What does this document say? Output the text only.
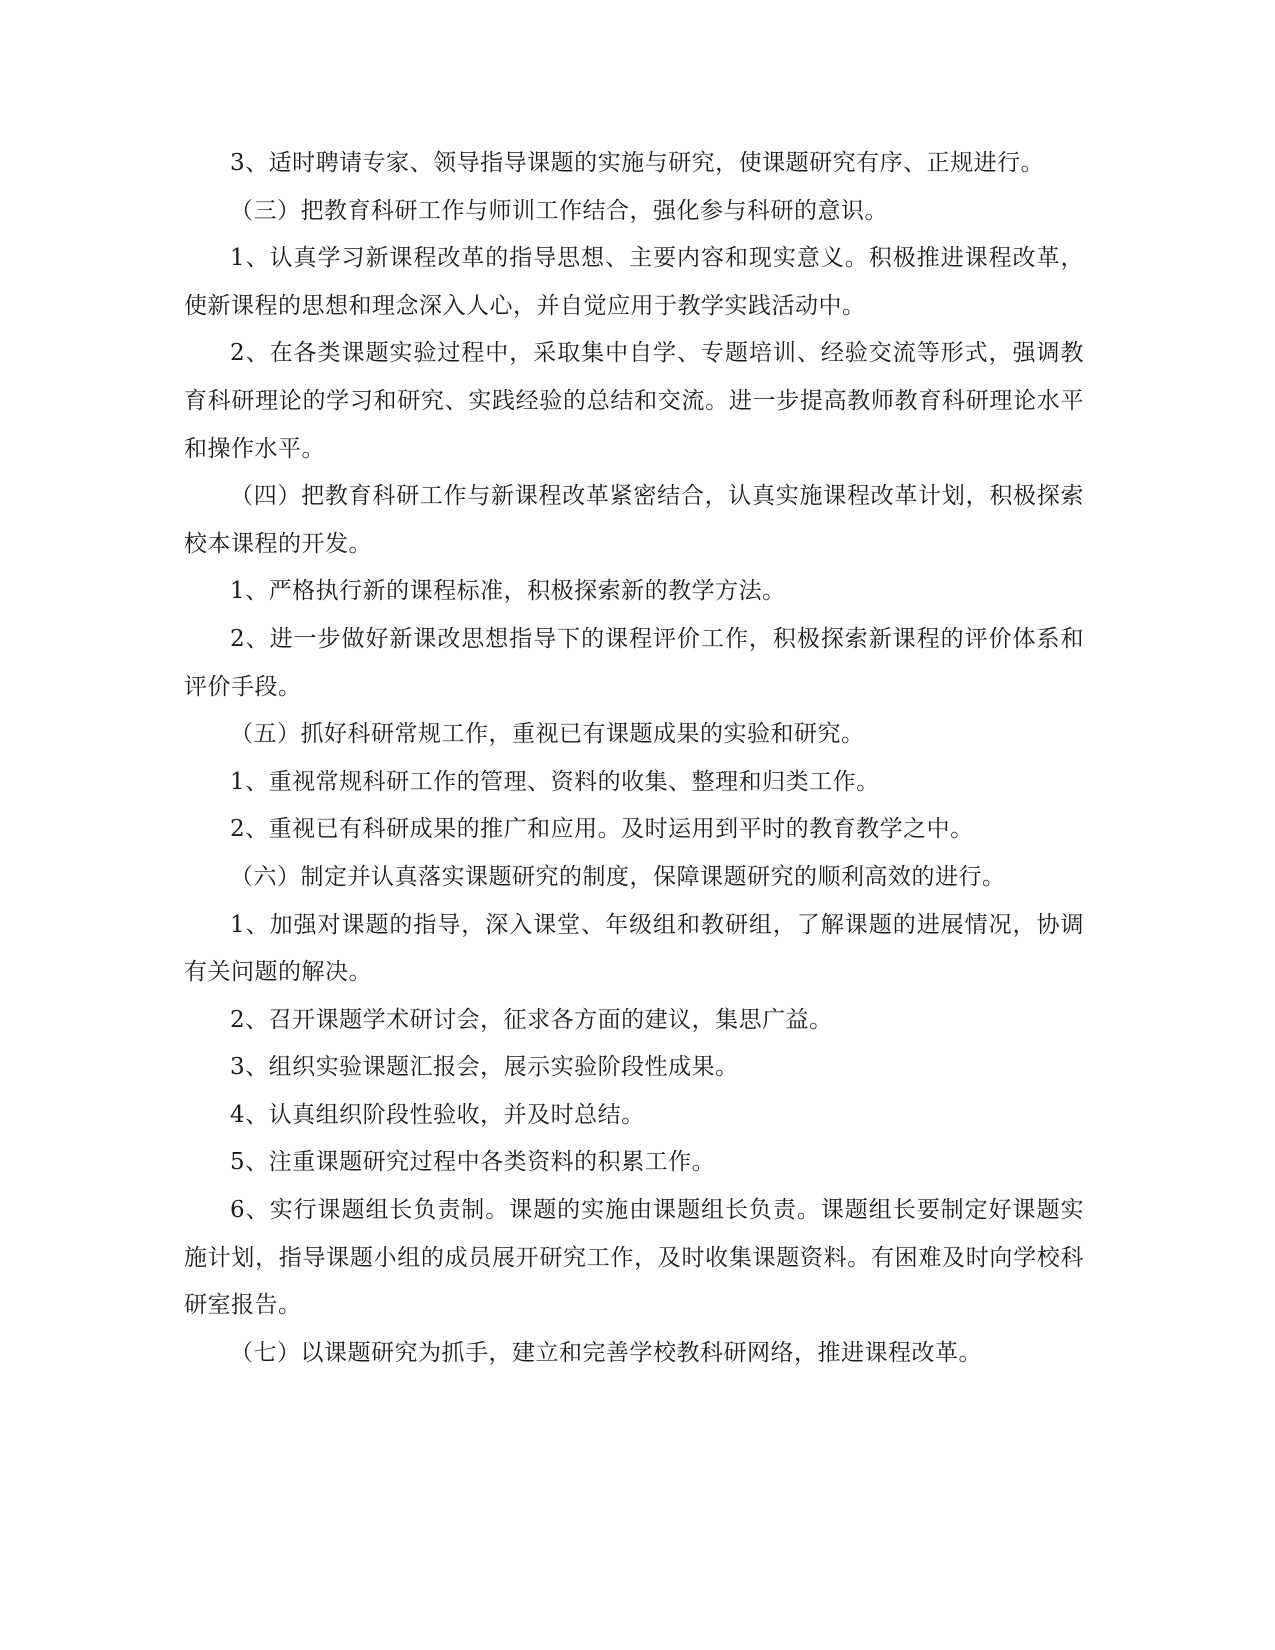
3、适时聘请专家、领导指导课题的实施与研究，使课题研究有序、正规进行。

（三）把教育科研工作与师训工作结合，强化参与科研的意识。

1、认真学习新课程改革的指导思想、主要内容和现实意义。积极推进课程改革，使新课程的思想和理念深入人心，并自觉应用于教学实践活动中。

2、在各类课题实验过程中，采取集中自学、专题培训、经验交流等形式，强调教育科研理论的学习和研究、实践经验的总结和交流。进一步提高教师教育科研理论水平和操作水平。

（四）把教育科研工作与新课程改革紧密结合，认真实施课程改革计划，积极探索校本课程的开发。

1、严格执行新的课程标准，积极探索新的教学方法。

2、进一步做好新课改思想指导下的课程评价工作，积极探索新课程的评价体系和评价手段。

（五）抓好科研常规工作，重视已有课题成果的实验和研究。

1、重视常规科研工作的管理、资料的收集、整理和归类工作。

2、重视已有科研成果的推广和应用。及时运用到平时的教育教学之中。

（六）制定并认真落实课题研究的制度，保障课题研究的顺利高效的进行。

1、加强对课题的指导，深入课堂、年级组和教研组，了解课题的进展情况，协调有关问题的解决。

2、召开课题学术研讨会，征求各方面的建议，集思广益。

3、组织实验课题汇报会，展示实验阶段性成果。

4、认真组织阶段性验收，并及时总结。

5、注重课题研究过程中各类资料的积累工作。

6、实行课题组长负责制。课题的实施由课题组长负责。课题组长要制定好课题实施计划，指导课题小组的成员展开研究工作，及时收集课题资料。有困难及时向学校科研室报告。

（七）以课题研究为抓手，建立和完善学校教科研网络，推进课程改革。
